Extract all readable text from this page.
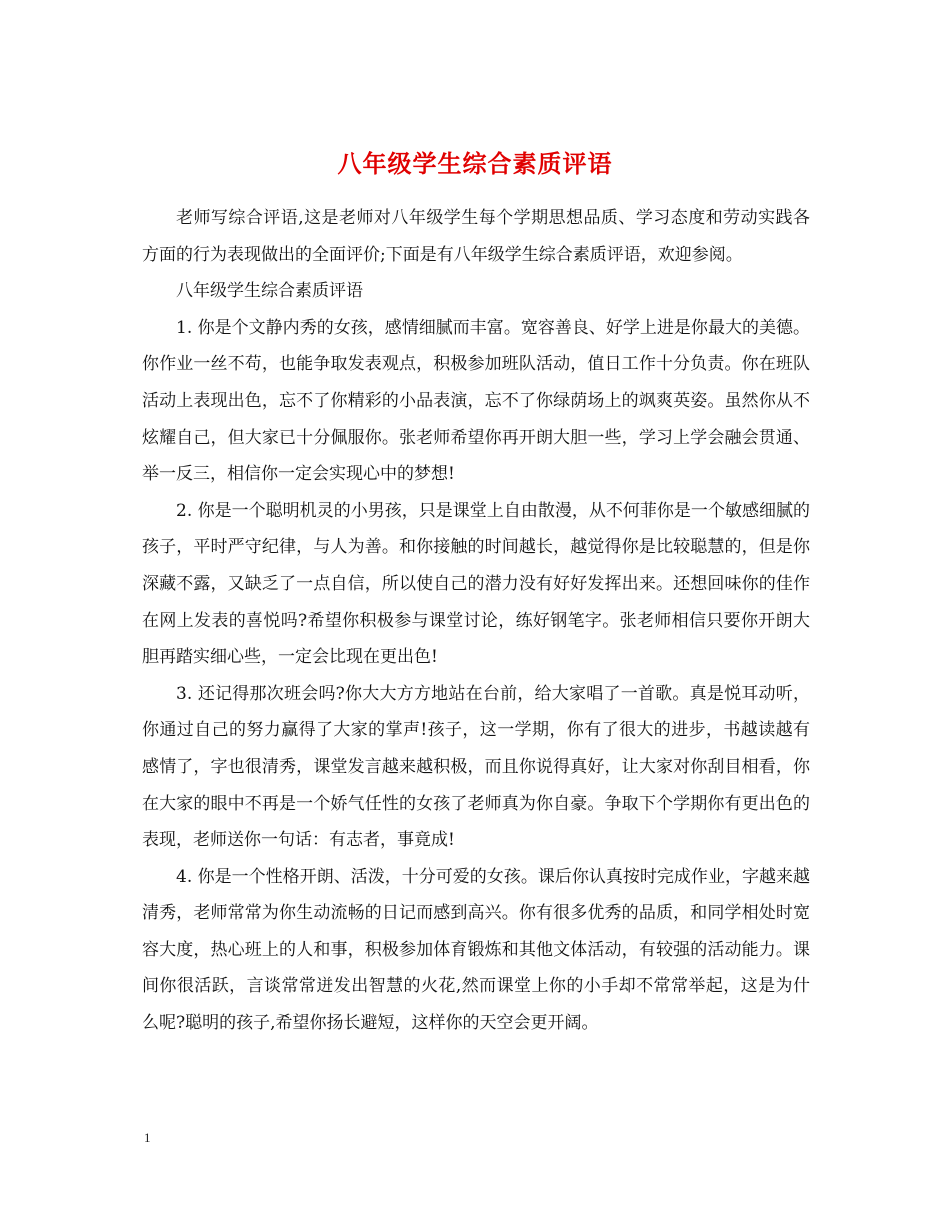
八年级学生综合素质评语

老师写综合评语,这是老师对八年级学生每个学期思想品质、学习态度和劳动实践各方面的行为表现做出的全面评价;下面是有八年级学生综合素质评语，欢迎参阅。

八年级学生综合素质评语

1. 你是个文静内秀的女孩，感情细腻而丰富。宽容善良、好学上进是你最大的美德。你作业一丝不苟，也能争取发表观点，积极参加班队活动，值日工作十分负责。你在班队活动上表现出色，忘不了你精彩的小品表演，忘不了你绿荫场上的飒爽英姿。虽然你从不炫耀自己，但大家已十分佩服你。张老师希望你再开朗大胆一些，学习上学会融会贯通、举一反三，相信你一定会实现心中的梦想!

2. 你是一个聪明机灵的小男孩，只是课堂上自由散漫，从不何菲你是一个敏感细腻的孩子，平时严守纪律，与人为善。和你接触的时间越长，越觉得你是比较聪慧的，但是你深藏不露，又缺乏了一点自信，所以使自己的潜力没有好好发挥出来。还想回味你的佳作在网上发表的喜悦吗?希望你积极参与课堂讨论，练好钢笔字。张老师相信只要你开朗大胆再踏实细心些，一定会比现在更出色!

3. 还记得那次班会吗?你大大方方地站在台前，给大家唱了一首歌。真是悦耳动听，你通过自己的努力赢得了大家的掌声!孩子，这一学期，你有了很大的进步，书越读越有感情了，字也很清秀，课堂发言越来越积极，而且你说得真好，让大家对你刮目相看，你在大家的眼中不再是一个娇气任性的女孩了老师真为你自豪。争取下个学期你有更出色的表现，老师送你一句话：有志者，事竟成!

4. 你是一个性格开朗、活泼，十分可爱的女孩。课后你认真按时完成作业，字越来越清秀，老师常常为你生动流畅的日记而感到高兴。你有很多优秀的品质，和同学相处时宽容大度，热心班上的人和事，积极参加体育锻炼和其他文体活动，有较强的活动能力。课间你很活跃，言谈常常迸发出智慧的火花,然而课堂上你的小手却不常常举起，这是为什么呢?聪明的孩子,希望你扬长避短，这样你的天空会更开阔。

1
